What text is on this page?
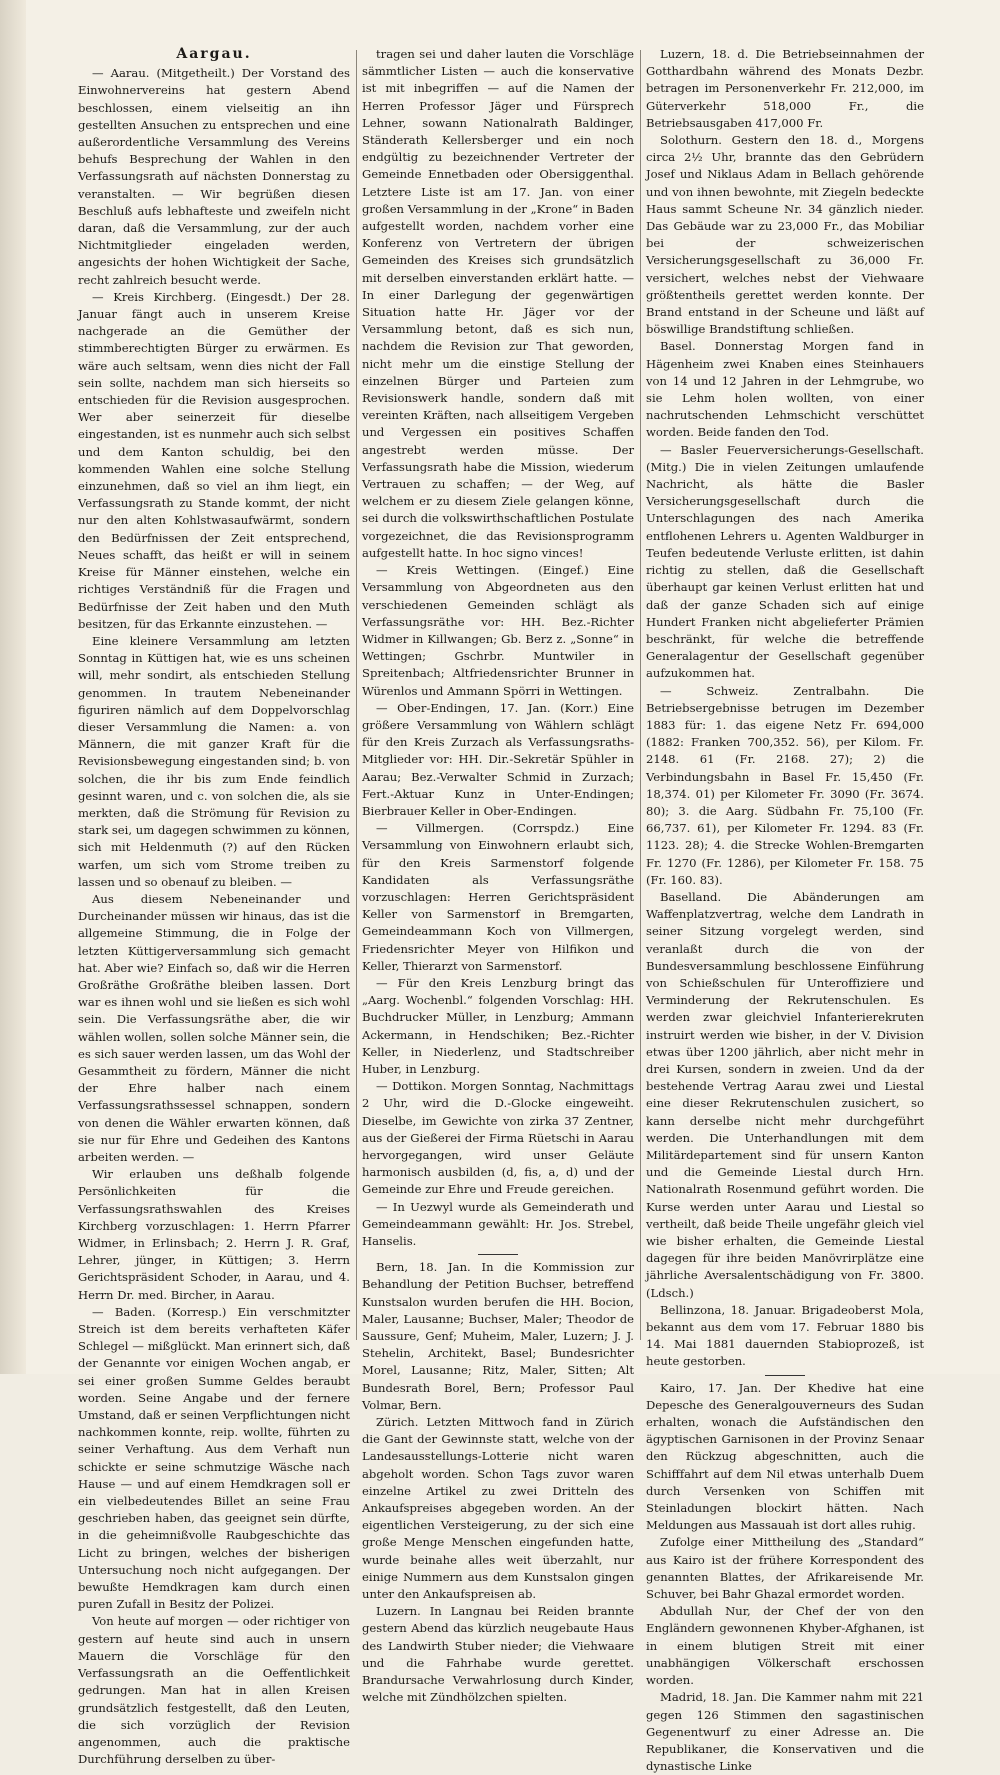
Aargau.

— Aarau. (Mitgetheilt.) Der Vorstand des Einwohnervereins hat gestern Abend beschlossen, einem vielseitig an ihn gestellten Ansuchen zu entsprechen und eine außerordentliche Versammlung des Vereins behufs Besprechung der Wahlen in den Verfassungsrath auf nächsten Donnerstag zu veranstalten. — Wir begrüßen diesen Beschluß aufs lebhafteste und zweifeln nicht daran, daß die Versammlung, zur der auch Nichtmitglieder eingeladen werden, angesichts der hohen Wichtigkeit der Sache, recht zahlreich besucht werde.

— Kreis Kirchberg. (Eingesdt.) Der 28. Januar fängt auch in unserem Kreise nachgerade an die Gemüther der stimmberechtigten Bürger zu erwärmen. Es wäre auch seltsam, wenn dies nicht der Fall sein sollte, nachdem man sich hierseits so entschieden für die Revision ausgesprochen. Wer aber seinerzeit für dieselbe eingestanden, ist es nunmehr auch sich selbst und dem Kanton schuldig, bei den kommenden Wahlen eine solche Stellung einzunehmen, daß so viel an ihm liegt, ein Verfassungsrath zu Stande kommt, der nicht nur den alten Kohlstwasaufwärmt, sondern den Bedürfnissen der Zeit entsprechend, Neues schafft, das heißt er will in seinem Kreise für Männer einstehen, welche ein richtiges Verständniß für die Fragen und Bedürfnisse der Zeit haben und den Muth besitzen, für das Erkannte einzustehen. —

Eine kleinere Versammlung am letzten Sonntag in Küttigen hat, wie es uns scheinen will, mehr sondirt, als entschieden Stellung genommen. In trautem Nebeneinander figuriren nämlich auf dem Doppelvorschlag dieser Versammlung die Namen: a. von Männern, die mit ganzer Kraft für die Revisionsbewegung eingestanden sind; b. von solchen, die ihr bis zum Ende feindlich gesinnt waren, und c. von solchen die, als sie merkten, daß die Strömung für Revision zu stark sei, um dagegen schwimmen zu können, sich mit Heldenmuth (?) auf den Rücken warfen, um sich vom Strome treiben zu lassen und so obenauf zu bleiben. —

Aus diesem Nebeneinander und Durcheinander müssen wir hinaus, das ist die allgemeine Stimmung, die in Folge der letzten Küttigerversammlung sich gemacht hat. Aber wie? Einfach so, daß wir die Herren Großräthe Großräthe bleiben lassen. Dort war es ihnen wohl und sie ließen es sich wohl sein. Die Verfassungsräthe aber, die wir wählen wollen, sollen solche Männer sein, die es sich sauer werden lassen, um das Wohl der Gesammtheit zu fördern, Männer die nicht der Ehre halber nach einem Verfassungsrathssessel schnappen, sondern von denen die Wähler erwarten können, daß sie nur für Ehre und Gedeihen des Kantons arbeiten werden. —

Wir erlauben uns deßhalb folgende Persönlichkeiten für die Verfassungsrathswahlen des Kreises Kirchberg vorzuschlagen: 1. Herrn Pfarrer Widmer, in Erlinsbach; 2. Herrn J. R. Graf, Lehrer, jünger, in Küttigen; 3. Herrn Gerichtspräsident Schoder, in Aarau, und 4. Herrn Dr. med. Bircher, in Aarau.

— Baden. (Korresp.) Ein verschmitzter Streich ist dem bereits verhafteten Käfer Schlegel — mißglückt. Man erinnert sich, daß der Genannte vor einigen Wochen angab, er sei einer großen Summe Geldes beraubt worden. Seine Angabe und der fernere Umstand, daß er seinen Verpflichtungen nicht nachkommen konnte, reip. wollte, führten zu seiner Verhaftung. Aus dem Verhaft nun schickte er seine schmutzige Wäsche nach Hause — und auf einem Hemdkragen soll er ein vielbedeutendes Billet an seine Frau geschrieben haben, das geeignet sein dürfte, in die geheimnißvolle Raubgeschichte das Licht zu bringen, welches der bisherigen Untersuchung noch nicht aufgegangen. Der bewußte Hemdkragen kam durch einen puren Zufall in Besitz der Polizei.

Von heute auf morgen — oder richtiger von gestern auf heute sind auch in unsern Mauern die Vorschläge für den Verfassungsrath an die Oeffentlichkeit gedrungen. Man hat in allen Kreisen grundsätzlich festgestellt, daß den Leuten, die sich vorzüglich der Revision angenommen, auch die praktische Durchführung derselben zu über-

tragen sei und daher lauten die Vorschläge sämmtlicher Listen — auch die konservative ist mit inbegriffen — auf die Namen der Herren Professor Jäger und Fürsprech Lehner, sowann Nationalrath Baldinger, Ständerath Kellersberger und ein noch endgültig zu bezeichnender Vertreter der Gemeinde Ennetbaden oder Obersiggenthal. Letztere Liste ist am 17. Jan. von einer großen Versammlung in der „Krone“ in Baden aufgestellt worden, nachdem vorher eine Konferenz von Vertretern der übrigen Gemeinden des Kreises sich grundsätzlich mit derselben einverstanden erklärt hatte. — In einer Darlegung der gegenwärtigen Situation hatte Hr. Jäger vor der Versammlung betont, daß es sich nun, nachdem die Revision zur That geworden, nicht mehr um die einstige Stellung der einzelnen Bürger und Parteien zum Revisionswerk handle, sondern daß mit vereinten Kräften, nach allseitigem Vergeben und Vergessen ein positives Schaffen angestrebt werden müsse. Der Verfassungsrath habe die Mission, wiederum Vertrauen zu schaffen; — der Weg, auf welchem er zu diesem Ziele gelangen könne, sei durch die volkswirthschaftlichen Postulate vorgezeichnet, die das Revisionsprogramm aufgestellt hatte. In hoc signo vinces!

— Kreis Wettingen. (Eingef.) Eine Versammlung von Abgeordneten aus den verschiedenen Gemeinden schlägt als Verfassungsräthe vor: HH. Bez.-Richter Widmer in Killwangen; Gb. Berz z. „Sonne“ in Wettingen; Gschrbr. Muntwiler in Spreitenbach; Altfriedensrichter Brunner in Würenlos und Ammann Spörri in Wettingen.

— Ober-Endingen, 17. Jan. (Korr.) Eine größere Versammlung von Wählern schlägt für den Kreis Zurzach als Verfassungsraths-Mitglieder vor: HH. Dir.-Sekretär Spühler in Aarau; Bez.-Verwalter Schmid in Zurzach; Fert.-Aktuar Kunz in Unter-Endingen; Bierbrauer Keller in Ober-Endingen.

— Villmergen. (Corrspdz.) Eine Versammlung von Einwohnern erlaubt sich, für den Kreis Sarmenstorf folgende Kandidaten als Verfassungsräthe vorzuschlagen: Herren Gerichtspräsident Keller von Sarmenstorf in Bremgarten, Gemeindeammann Koch von Villmergen, Friedensrichter Meyer von Hilfikon und Keller, Thierarzt von Sarmenstorf.

— Für den Kreis Lenzburg bringt das „Aarg. Wochenbl.“ folgenden Vorschlag: HH. Buchdrucker Müller, in Lenzburg; Ammann Ackermann, in Hendschiken; Bez.-Richter Keller, in Niederlenz, und Stadtschreiber Huber, in Lenzburg.

— Dottikon. Morgen Sonntag, Nachmittags 2 Uhr, wird die D.-Glocke eingeweiht. Dieselbe, im Gewichte von zirka 37 Zentner, aus der Gießerei der Firma Rüetschi in Aarau hervorgegangen, wird unser Geläute harmonisch ausbilden (d, fis, a, d) und der Gemeinde zur Ehre und Freude gereichen.

— In Uezwyl wurde als Gemeinderath und Gemeindeammann gewählt: Hr. Jos. Strebel, Hanselis.

Bern, 18. Jan. In die Kommission zur Behandlung der Petition Buchser, betreffend Kunstsalon wurden berufen die HH. Bocion, Maler, Lausanne; Buchser, Maler; Theodor de Saussure, Genf; Muheim, Maler, Luzern; J. J. Stehelin, Architekt, Basel; Bundesrichter Morel, Lausanne; Ritz, Maler, Sitten; Alt Bundesrath Borel, Bern; Professor Paul Volmar, Bern.

Zürich. Letzten Mittwoch fand in Zürich die Gant der Gewinnste statt, welche von der Landesausstellungs-Lotterie nicht waren abgeholt worden. Schon Tags zuvor waren einzelne Artikel zu zwei Dritteln des Ankaufspreises abgegeben worden. An der eigentlichen Versteigerung, zu der sich eine große Menge Menschen eingefunden hatte, wurde beinahe alles weit überzahlt, nur einige Nummern aus dem Kunstsalon gingen unter den Ankaufspreisen ab.

Luzern. In Langnau bei Reiden brannte gestern Abend das kürzlich neugebaute Haus des Landwirth Stuber nieder; die Viehwaare und die Fahrhabe wurde gerettet. Brandursache Verwahrlosung durch Kinder, welche mit Zündhölzchen spielten.

Luzern, 18. d. Die Betriebseinnahmen der Gotthardbahn während des Monats Dezbr. betragen im Personenverkehr Fr. 212,000, im Güterverkehr 518,000 Fr., die Betriebsausgaben 417,000 Fr.

Solothurn. Gestern den 18. d., Morgens circa 2½ Uhr, brannte das den Gebrüdern Josef und Niklaus Adam in Bellach gehörende und von ihnen bewohnte, mit Ziegeln bedeckte Haus sammt Scheune Nr. 34 gänzlich nieder. Das Gebäude war zu 23,000 Fr., das Mobiliar bei der schweizerischen Versicherungsgesellschaft zu 36,000 Fr. versichert, welches nebst der Viehwaare größtentheils gerettet werden konnte. Der Brand entstand in der Scheune und läßt auf böswillige Brandstiftung schließen.

Basel. Donnerstag Morgen fand in Hägenheim zwei Knaben eines Steinhauers von 14 und 12 Jahren in der Lehmgrube, wo sie Lehm holen wollten, von einer nachrutschenden Lehmschicht verschüttet worden. Beide fanden den Tod.

— Basler Feuerversicherungs-Gesellschaft. (Mitg.) Die in vielen Zeitungen umlaufende Nachricht, als hätte die Basler Versicherungsgesellschaft durch die Unterschlagungen des nach Amerika entflohenen Lehrers u. Agenten Waldburger in Teufen bedeutende Verluste erlitten, ist dahin richtig zu stellen, daß die Gesellschaft überhaupt gar keinen Verlust erlitten hat und daß der ganze Schaden sich auf einige Hundert Franken nicht abgelieferter Prämien beschränkt, für welche die betreffende Generalagentur der Gesellschaft gegenüber aufzukommen hat.

— Schweiz. Zentralbahn. Die Betriebsergebnisse betrugen im Dezember 1883 für: 1. das eigene Netz Fr. 694,000 (1882: Franken 700,352. 56), per Kilom. Fr. 2148. 61 (Fr. 2168. 27); 2) die Verbindungsbahn in Basel Fr. 15,450 (Fr. 18,374. 01) per Kilometer Fr. 3090 (Fr. 3674. 80); 3. die Aarg. Südbahn Fr. 75,100 (Fr. 66,737. 61), per Kilometer Fr. 1294. 83 (Fr. 1123. 28); 4. die Strecke Wohlen-Bremgarten Fr. 1270 (Fr. 1286), per Kilometer Fr. 158. 75 (Fr. 160. 83).

Baselland. Die Abänderungen am Waffenplatzvertrag, welche dem Landrath in seiner Sitzung vorgelegt werden, sind veranlaßt durch die von der Bundesversammlung beschlossene Einführung von Schießschulen für Unteroffiziere und Verminderung der Rekrutenschulen. Es werden zwar gleichviel Infanterierekruten instruirt werden wie bisher, in der V. Division etwas über 1200 jährlich, aber nicht mehr in drei Kursen, sondern in zweien. Und da der bestehende Vertrag Aarau zwei und Liestal eine dieser Rekrutenschulen zusichert, so kann derselbe nicht mehr durchgeführt werden. Die Unterhandlungen mit dem Militärdepartement sind für unsern Kanton und die Gemeinde Liestal durch Hrn. Nationalrath Rosenmund geführt worden. Die Kurse werden unter Aarau und Liestal so vertheilt, daß beide Theile ungefähr gleich viel wie bisher erhalten, die Gemeinde Liestal dagegen für ihre beiden Manövrirplätze eine jährliche Aversalentschädigung von Fr. 3800. (Ldsch.)

Bellinzona, 18. Januar. Brigadeoberst Mola, bekannt aus dem vom 17. Februar 1880 bis 14. Mai 1881 dauernden Stabioprozeß, ist heute gestorben.

Kairo, 17. Jan. Der Khedive hat eine Depesche des Generalgouverneurs des Sudan erhalten, wonach die Aufständischen den ägyptischen Garnisonen in der Provinz Senaar den Rückzug abgeschnitten, auch die Schifffahrt auf dem Nil etwas unterhalb Duem durch Versenken von Schiffen mit Steinladungen blockirt hätten. Nach Meldungen aus Massauah ist dort alles ruhig.

Zufolge einer Mittheilung des „Standard“ aus Kairo ist der frühere Korrespondent des genannten Blattes, der Afrikareisende Mr. Schuver, bei Bahr Ghazal ermordet worden.

Abdullah Nur, der Chef der von den Engländern gewonnenen Khyber-Afghanen, ist in einem blutigen Streit mit einer unabhängigen Völkerschaft erschossen worden.

Madrid, 18. Jan. Die Kammer nahm mit 221 gegen 126 Stimmen den sagastinischen Gegenentwurf zu einer Adresse an. Die Republikaner, die Konservativen und die dynastische Linke
